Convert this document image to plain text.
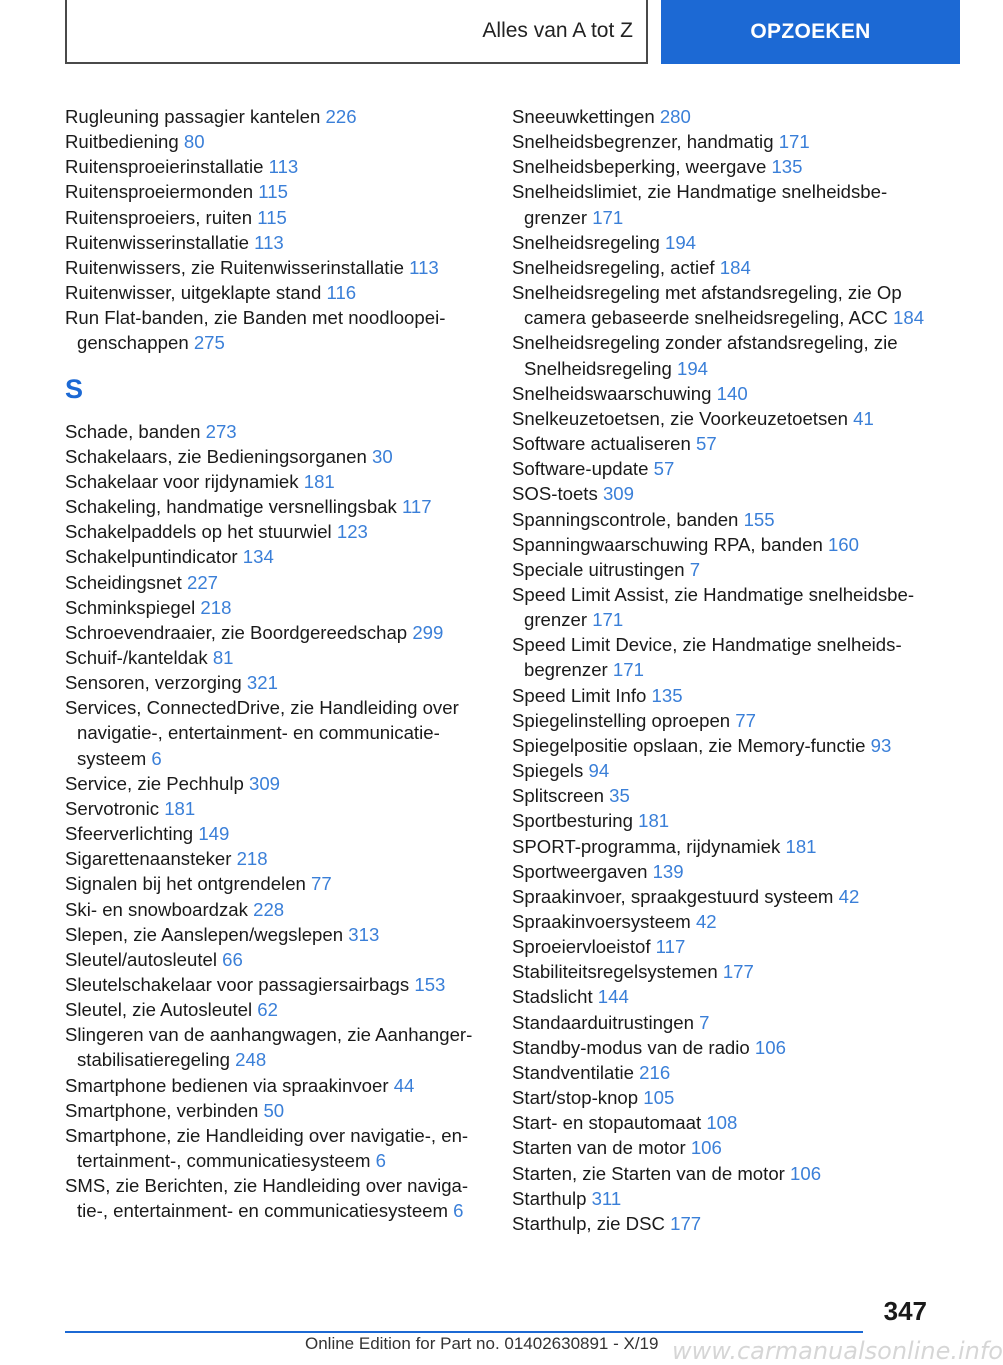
Alles van A tot Z	OPZOEKEN
Rugleuning passagier kantelen 226
Ruitbediening 80
Ruitensproeierinstallatie 113
Ruitensproeiermonden 115
Ruitensproeiers, ruiten 115
Ruitenwisserinstallatie 113
Ruitenwissers, zie Ruitenwisserinstallatie 113
Ruitenwisser, uitgeklapte stand 116
Run Flat-banden, zie Banden met noodloopeigenschappen 275
S
Schade, banden 273
Schakelaars, zie Bedieningsorganen 30
Schakelaar voor rijdynamiek 181
Schakeling, handmatige versnellingsbak 117
Schakelpaddels op het stuurwiel 123
Schakelpuntindicator 134
Scheidingsnet 227
Schminkspiegel 218
Schroevendraaier, zie Boordgereedschap 299
Schuif-/kanteldak 81
Sensoren, verzorging 321
Services, ConnectedDrive, zie Handleiding over navigatie-, entertainment- en communicatiesysteem 6
Service, zie Pechhulp 309
Servotronic 181
Sfeerverlichting 149
Sigarettenaansteker 218
Signalen bij het ontgrendelen 77
Ski- en snowboardzak 228
Slepen, zie Aanslepen/wegslepen 313
Sleutel/autosleutel 66
Sleutelschakelaar voor passagiersairbags 153
Sleutel, zie Autosleutel 62
Slingeren van de aanhangwagen, zie Aanhanger-stabilisatieregeling 248
Smartphone bedienen via spraakinvoer 44
Smartphone, verbinden 50
Smartphone, zie Handleiding over navigatie-, entertainment-, communicatiesysteem 6
SMS, zie Berichten, zie Handleiding over navigatie-, entertainment- en communicatiesysteem 6
Sneeuwkettingen 280
Snelheidsbegrenzer, handmatig 171
Snelheidsbeperking, weergave 135
Snelheidslimiet, zie Handmatige snelheidsbegrenzer 171
Snelheidsregeling 194
Snelheidsregeling, actief 184
Snelheidsregeling met afstandsregeling, zie Op camera gebaseerde snelheidsregeling, ACC 184
Snelheidsregeling zonder afstandsregeling, zie Snelheidsregeling 194
Snelheidswaarschuwing 140
Snelkeuzetoetsen, zie Voorkeuzetoetsen 41
Software actualiseren 57
Software-update 57
SOS-toets 309
Spanningscontrole, banden 155
Spanningwaarschuwing RPA, banden 160
Speciale uitrustingen 7
Speed Limit Assist, zie Handmatige snelheidsbegrenzer 171
Speed Limit Device, zie Handmatige snelheidsbegrenzer 171
Speed Limit Info 135
Spiegelinstelling oproepen 77
Spiegelpositie opslaan, zie Memory-functie 93
Spiegels 94
Splitscreen 35
Sportbesturing 181
SPORT-programma, rijdynamiek 181
Sportweergaven 139
Spraakinvoer, spraakgestuurd systeem 42
Spraakinvoersysteem 42
Sproeiervloeistof 117
Stabiliteitsregelsystemen 177
Stadslicht 144
Standaarduitrustingen 7
Standby-modus van de radio 106
Standventilatie 216
Start/stop-knop 105
Start- en stopautomaat 108
Starten van de motor 106
Starten, zie Starten van de motor 106
Starthulp 311
Starthulp, zie DSC 177
347
Online Edition for Part no. 01402630891 - X/19 www.carmanualsonline.info
